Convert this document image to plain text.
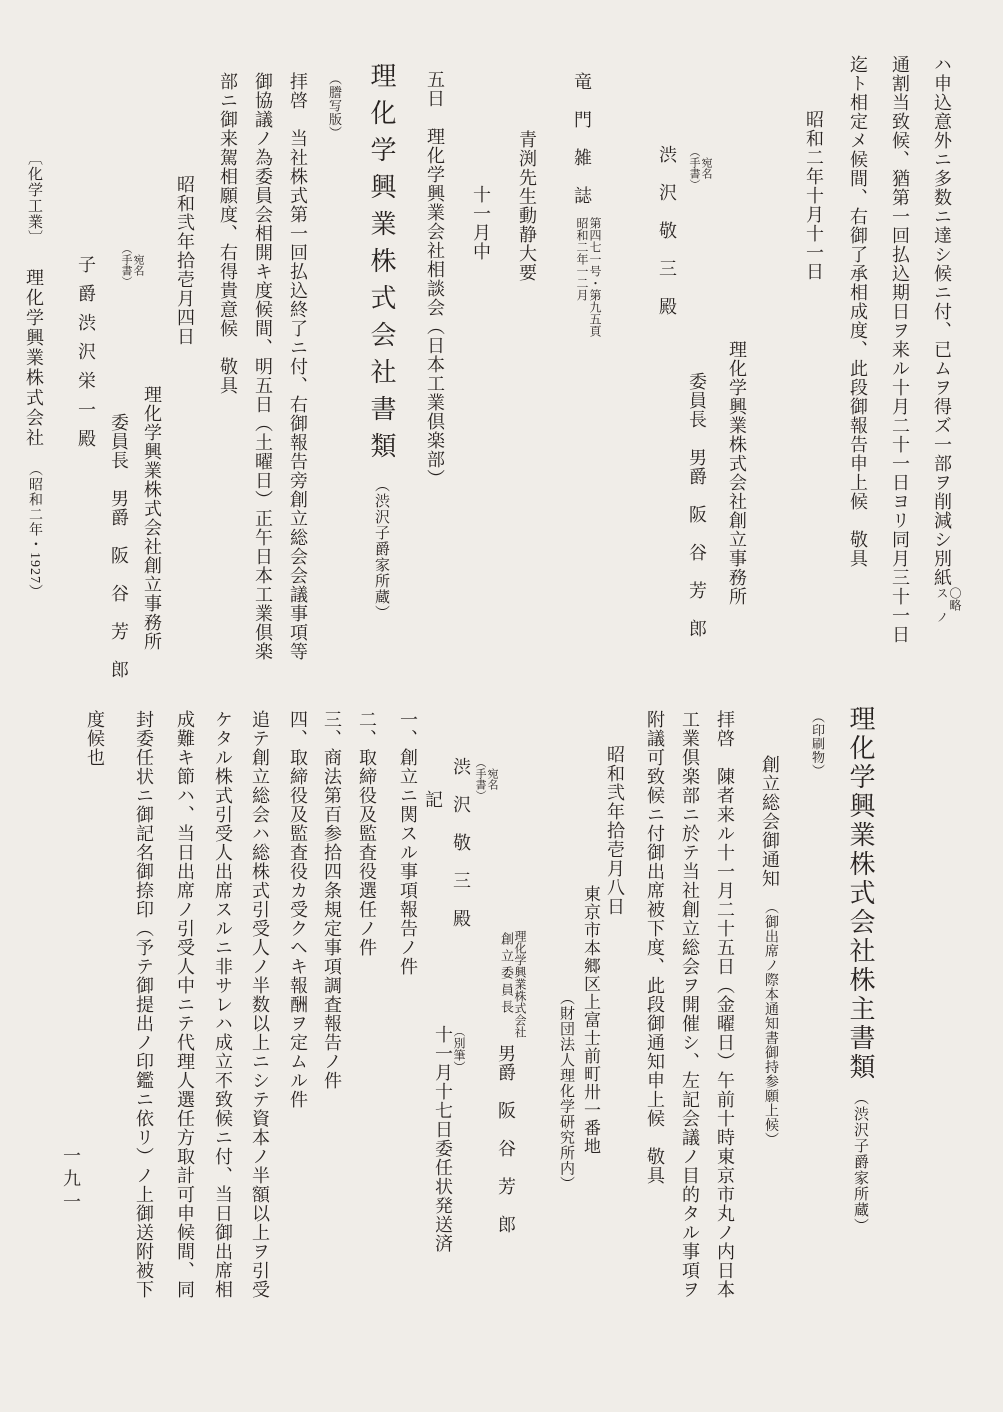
ハ申込意外ニ多数ニ達シ候ニ付、已ムヲ得ズ一部ヲ削減シ別紙
〇略
ス　ノ
通割当致候、猶第一回払込期日ヲ来ル十月二十一日ヨリ同月三十一日
迄ト相定メ候間、右御了承相成度、此段御報告申上候　敬具
昭和二年十月十一日
理化学興業株式会社創立事務所
委員長　男爵　阪　谷　芳　郎
渋　沢　敬　三　殿
竜　門　雑　誌
第四七一号・第九五頁
昭和二年一二月
青渕先生動静大要
十一月中
五日　理化学興業会社相談会（日本工業倶楽部）
理化学興業株式会社書類（渋沢子爵家所蔵）
（謄写版）
拝啓　当社株式第一回払込終了ニ付、右御報告旁創立総会会議事項等
御協議ノ為委員会相開キ度候間、明五日（土曜日）正午日本工業倶楽
部ニ御来駕相願度、右得貴意候　敬具
昭和弐年拾壱月四日
理化学興業株式会社創立事務所
委員長　男爵　阪　谷　芳　郎
子爵渋沢栄一殿
（
宛名
手書
）
（
宛名
手書
）
〔化学工業〕理化学興業株式会社（昭和二年・1927）
理化学興業株式会社株主書類（渋沢子爵家所蔵）
（印刷物）
創立総会御通知（御出席ノ際本通知書御持参願上候）
拝啓　陳者来ル十一月二十五日（金曜日）午前十時東京市丸ノ内日本
工業倶楽部ニ於テ当社創立総会ヲ開催シ、左記会議ノ目的タル事項ヲ
附議可致候ニ付御出席被下度、此段御通知申上候　敬具
昭和弐年拾壱月八日
東京市本郷区上富士前町卅一番地
（財団法人理化学研究所内）
理化学興業株式会社
創立委員長
男爵　阪　谷　芳　郎
渋　沢　敬　三　殿
記
一、創立ニ関スル事項報告ノ件
二、取締役及監査役選任ノ件
三、商法第百参拾四条規定事項調査報告ノ件
四、取締役及監査役カ受クヘキ報酬ヲ定ムル件
追テ創立総会ハ総株式引受人ノ半数以上ニシテ資本ノ半額以上ヲ引受
ケタル株式引受人出席スルニ非サレハ成立不致候ニ付、当日御出席相
成難キ節ハ、当日出席ノ引受人中ニテ代理人選任方取計可申候間、同
封委任状ニ御記名御捺印（予テ御提出ノ印鑑ニ依リ）ノ上御送附被下
度候也	（
宛名
手書
）
（別筆）
十一月十七日委任状発送済
一九一
